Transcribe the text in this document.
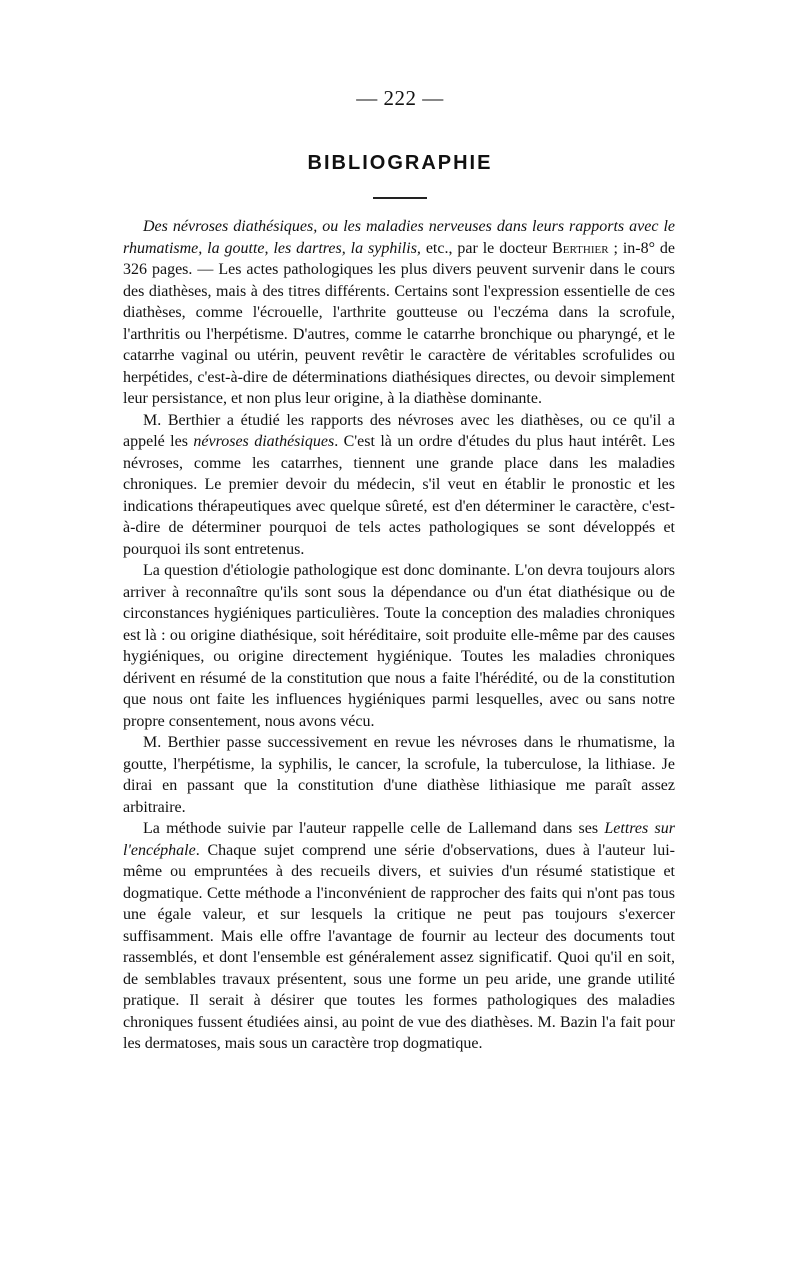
— 222 —
BIBLIOGRAPHIE

Des névroses diathésiques, ou les maladies nerveuses dans leurs rapports avec le rhumatisme, la goutte, les dartres, la syphilis, etc., par le docteur Berthier ; in-8° de 326 pages. — Les actes pathologiques les plus divers peuvent survenir dans le cours des diathèses, mais à des titres différents. Certains sont l'expression essentielle de ces diathèses, comme l'écrouelle, l'arthrite goutteuse ou l'eczéma dans la scrofule, l'arthritis ou l'herpétisme. D'autres, comme le catarrhe bronchique ou pharyngé, et le catarrhe vaginal ou utérin, peuvent revêtir le caractère de véritables scrofulides ou herpétides, c'est-à-dire de déterminations diathésiques directes, ou devoir simplement leur persistance, et non plus leur origine, à la diathèse dominante.

M. Berthier a étudié les rapports des névroses avec les diathèses, ou ce qu'il a appelé les névroses diathésiques. C'est là un ordre d'études du plus haut intérêt. Les névroses, comme les catarrhes, tiennent une grande place dans les maladies chroniques. Le premier devoir du médecin, s'il veut en établir le pronostic et les indications thérapeutiques avec quelque sûreté, est d'en déterminer le caractère, c'est-à-dire de déterminer pourquoi de tels actes pathologiques se sont développés et pourquoi ils sont entretenus.

La question d'étiologie pathologique est donc dominante. L'on devra toujours alors arriver à reconnaître qu'ils sont sous la dépendance ou d'un état diathésique ou de circonstances hygiéniques particulières. Toute la conception des maladies chroniques est là : ou origine diathésique, soit héréditaire, soit produite elle-même par des causes hygiéniques, ou origine directement hygiénique. Toutes les maladies chroniques dérivent en résumé de la constitution que nous a faite l'hérédité, ou de la constitution que nous ont faite les influences hygiéniques parmi lesquelles, avec ou sans notre propre consentement, nous avons vécu.

M. Berthier passe successivement en revue les névroses dans le rhumatisme, la goutte, l'herpétisme, la syphilis, le cancer, la scrofule, la tuberculose, la lithiase. Je dirai en passant que la constitution d'une diathèse lithiasique me paraît assez arbitraire.

La méthode suivie par l'auteur rappelle celle de Lallemand dans ses Lettres sur l'encéphale. Chaque sujet comprend une série d'observations, dues à l'auteur lui-même ou empruntées à des recueils divers, et suivies d'un résumé statistique et dogmatique. Cette méthode a l'inconvénient de rapprocher des faits qui n'ont pas tous une égale valeur, et sur lesquels la critique ne peut pas toujours s'exercer suffisamment. Mais elle offre l'avantage de fournir au lecteur des documents tout rassemblés, et dont l'ensemble est généralement assez significatif. Quoi qu'il en soit, de semblables travaux présentent, sous une forme un peu aride, une grande utilité pratique. Il serait à désirer que toutes les formes pathologiques des maladies chroniques fussent étudiées ainsi, au point de vue des diathèses. M. Bazin l'a fait pour les dermatoses, mais sous un caractère trop dogmatique.
